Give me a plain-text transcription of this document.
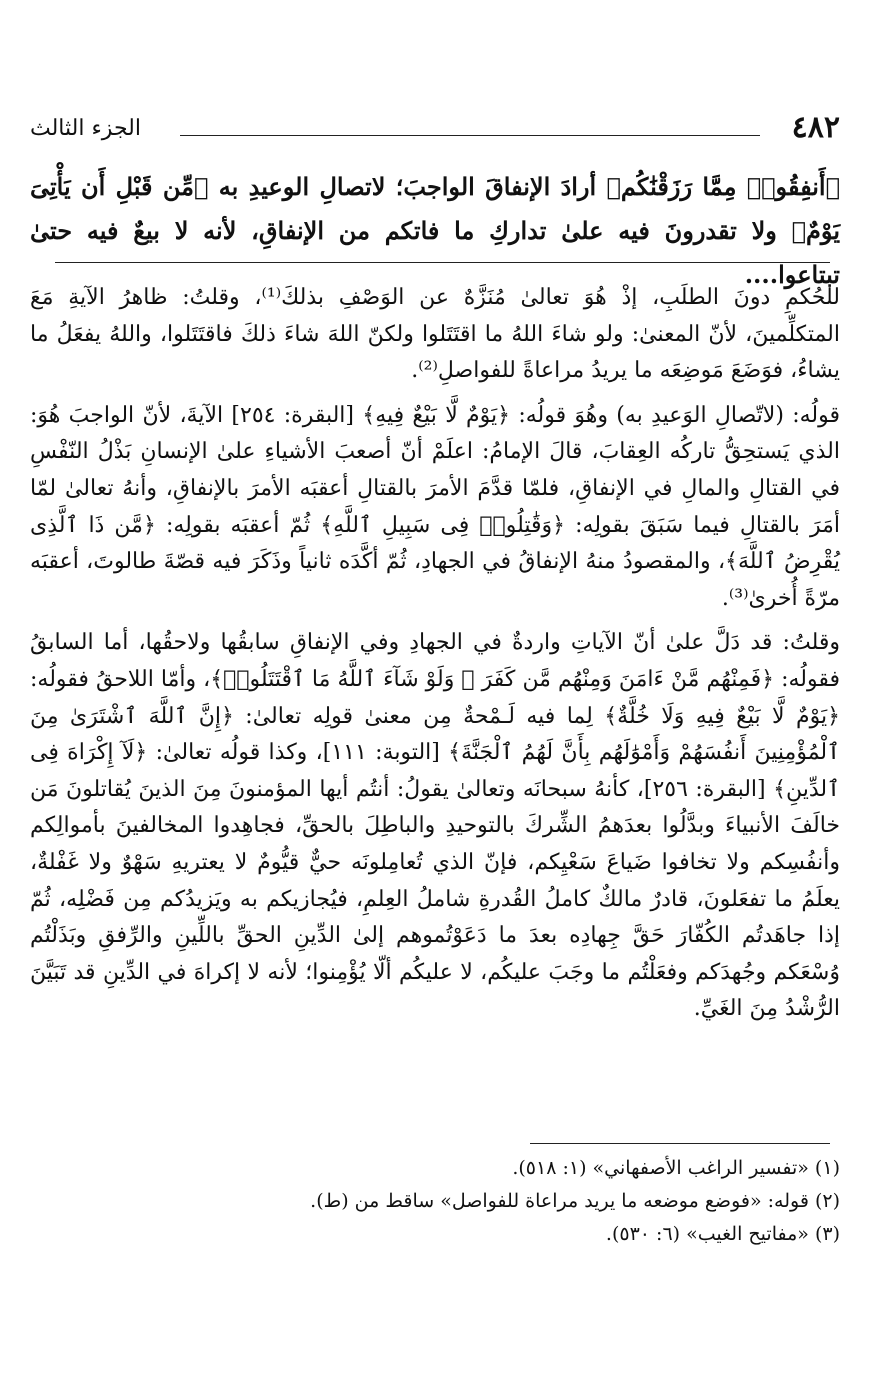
٤٨٢
الجزء الثالث
﴿أَنفِقُوا۟ مِمَّا رَزَقْنَٰكُم﴾ أرادَ الإنفاقَ الواجبَ؛ لاتصالِ الوعيدِ به ﴿مِّن قَبْلِ أَن يَأْتِىَ يَوْمٌ﴾ ولا تقدرونَ فيه علىٰ تداركِ ما فاتكم من الإنفاقِ، لأنه لا بيعٌ فيه حتىٰ تبتاعوا....

للحُكمِ دونَ الطلَبِ، إذْ هُوَ تعالىٰ مُنَزَّهٌ عن الوَصْفِ بذلكَ⁽¹⁾، وقلتُ: ظاهرُ الآيةِ مَعَ المتكلِّمينَ، لأنّ المعنىٰ: ولو شاءَ اللهُ ما اقتَتَلوا ولكنّ اللهَ شاءَ ذلكَ فاقتَتَلوا، واللهُ يفعَلُ ما يشاءُ، فوَضَعَ مَوضِعَه ما يريدُ مراعاةً للفواصلِ⁽²⁾.

قولُه: (لاتّصالِ الوَعيدِ به) وهُوَ قولُه: ﴿يَوْمٌ لَّا بَيْعٌ فِيهِ﴾ [البقرة: ٢٥٤] الآيةَ، لأنّ الواجبَ هُوَ: الذي يَستحِقُّ تاركُه العِقابَ، قالَ الإمامُ: اعلَمْ أنّ أصعبَ الأشياءِ علىٰ الإنسانِ بَذْلُ النّفْسِ في القتالِ والمالِ في الإنفاقِ، فلمّا قدَّمَ الأمرَ بالقتالِ أعقبَه الأمرَ بالإنفاقِ، وأنهُ تعالىٰ لمّا أمَرَ بالقتالِ فيما سَبَقَ بقولِه: ﴿وَقَٰتِلُوا۟ فِى سَبِيلِ ٱللَّهِ﴾ ثُمّ أعقبَه بقولِه: ﴿مَّن ذَا ٱلَّذِى يُقْرِضُ ٱللَّهَ﴾، والمقصودُ منهُ الإنفاقُ في الجهادِ، ثُمّ أكَّدَه ثانياً وذَكَرَ فيه قصّةَ طالوتَ، أعقبَه مرّةً أُخرىٰ⁽³⁾.

وقلتُ: قد دَلَّ علىٰ أنّ الآياتِ واردةٌ في الجهادِ وفي الإنفاقِ سابقُها ولاحقُها، أما السابقُ فقولُه: ﴿فَمِنْهُم مَّنْ ءَامَنَ وَمِنْهُم مَّن كَفَرَ ۚ وَلَوْ شَآءَ ٱللَّهُ مَا ٱقْتَتَلُوا۟﴾، وأمّا اللاحقُ فقولُه: ﴿يَوْمٌ لَّا بَيْعٌ فِيهِ وَلَا خُلَّةٌ﴾ لِما فيه لَـمْحةٌ مِن معنىٰ قولِه تعالىٰ: ﴿إِنَّ ٱللَّهَ ٱشْتَرَىٰ مِنَ ٱلْمُؤْمِنِينَ أَنفُسَهُمْ وَأَمْوَٰلَهُم بِأَنَّ لَهُمُ ٱلْجَنَّةَ﴾ [التوبة: ١١١]، وكذا قولُه تعالىٰ: ﴿لَآ إِكْرَاهَ فِى ٱلدِّينِ﴾ [البقرة: ٢٥٦]، كأنهُ سبحانَه وتعالىٰ يقولُ: أنتُم أيها المؤمنونَ مِنَ الذينَ يُقاتلونَ مَن خالَفَ الأنبياءَ وبدَّلُوا بعدَهمُ الشِّركَ بالتوحيدِ والباطِلَ بالحقِّ، فجاهِدوا المخالفينَ بأموالِكم وأنفُسِكم ولا تخافوا ضَياعَ سَعْيِكم، فإنّ الذي تُعامِلونَه حيٌّ قيُّومٌ لا يعتريهِ سَهْوٌ ولا غَفْلةٌ، يعلَمُ ما تفعَلونَ، قادرٌ مالكٌ كاملُ القُدرةِ شاملُ العِلمِ، فيُجازيكم به ويَزيدُكم مِن فَضْلِه، ثُمّ إذا جاهَدتُم الكُفّارَ حَقَّ جِهادِه بعدَ ما دَعَوْتُموهم إلىٰ الدِّينِ الحقِّ باللِّينِ والرِّفقِ وبَذَلْتُم وُسْعَكم وجُهدَكم وفعَلْتُم ما وجَبَ عليكُم، لا عليكُم ألّا يُؤْمِنوا؛ لأنه لا إكراهَ في الدِّينِ قد تَبَيَّنَ الرُّشْدُ مِنَ الغَيِّ.

(١) «تفسير الراغب الأصفهاني» (١: ٥١٨).
(٢) قوله: «فوضع موضعه ما يريد مراعاة للفواصل» ساقط من (ط).
(٣) «مفاتيح الغيب» (٦: ٥٣٠).
